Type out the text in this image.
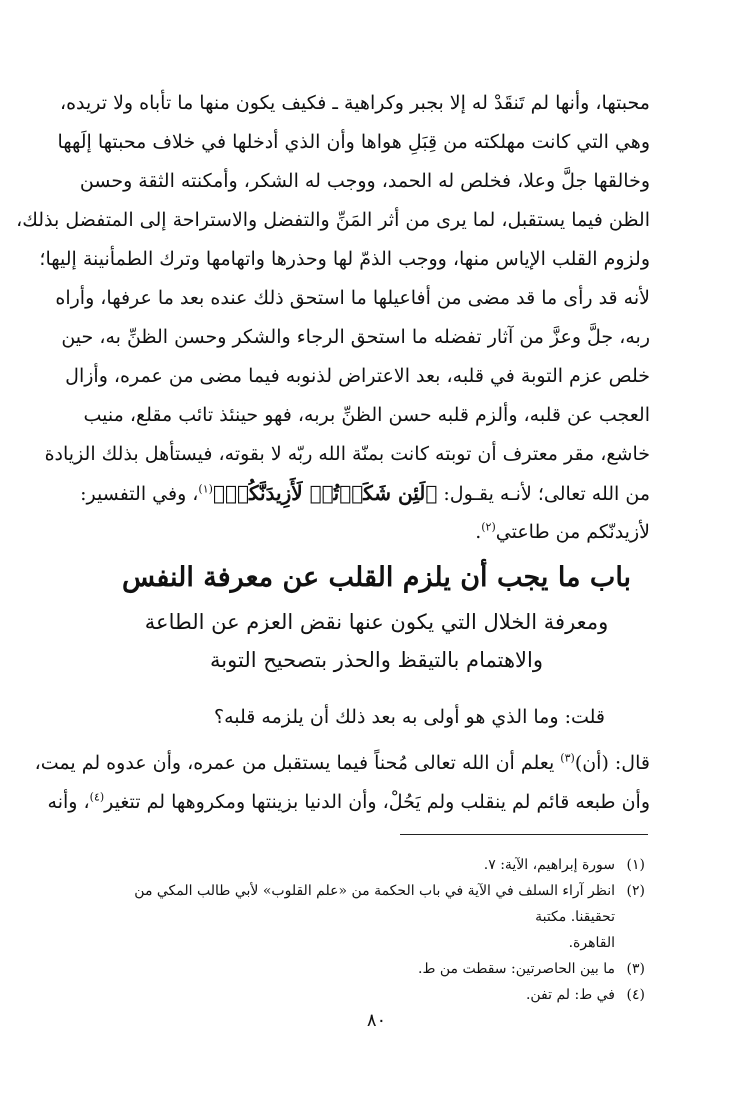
محبتها، وأنها لم تَنقَدْ له إلا بجبر وكراهية ـ فكيف يكون منها ما تأباه ولا تريده،
وهي التي كانت مهلكته من قِبَلِ هواها وأن الذي أدخلها في خلاف محبتها إلَهها
وخالقها جلَّ وعلا، فخلص له الحمد، ووجب له الشكر، وأمكنته الثقة وحسن
الظن فيما يستقبل، لما يرى من أثر المَنِّ والتفضل والاستراحة إلى المتفضل بذلك،
ولزوم القلب الإياس منها، ووجب الذمّ لها وحذرها واتهامها وترك الطمأنينة إليها؛
لأنه قد رأى ما قد مضى من أفاعيلها ما استحق ذلك عنده بعد ما عرفها، وأراه
ربه، جلَّ وعزَّ من آثار تفضله ما استحق الرجاء والشكر وحسن الظنِّ به، حين
خلص عزم التوبة في قلبه، بعد الاعتراض لذنوبه فيما مضى من عمره، وأزال
العجب عن قلبه، وألزم قلبه حسن الظنِّ بربه، فهو حينئذ تائب مقلع، منيب
خاشع، مقر معترف أن توبته كانت بمنّة الله ربّه لا بقوته، فيستأهل بذلك الزيادة
من الله تعالى؛ لأنـه يقـول: ﴿لَئِن شَكَرۡتُمۡ لَأَزِيدَنَّكُمۡ﴾$^{(١)}$، وفي التفسير:
لأزيدنّكم من طاعتي$^{(٢)}$.
باب ما يجب أن يلزم القلب عن معرفة النفس
ومعرفة الخلال التي يكون عنها نقض العزم عن الطاعة
والاهتمام بالتيقظ والحذر بتصحيح التوبة
قلت: وما الذي هو أولى به بعد ذلك أن يلزمه قلبه؟
قال: (أن)$^{(٣)}$ يعلم أن الله تعالى مُحناً فيما يستقبل من عمره، وأن عدوه لم يمت،
وأن طبعه قائم لم ينقلب ولم يَحُلْ، وأن الدنيا بزينتها ومكروهها لم تتغير$^{(٤)}$، وأنه

(١)
سورة إبراهيم، الآية: ٧.

(٢)
انظر آراء السلف في الآية في باب الحكمة من «علم القلوب» لأبي طالب المكي من تحقيقنا. مكتبة

القاهرة.

(٣)
ما بين الحاصرتين: سقطت من ط.

(٤)
في ط: لم تفن.

٨٠
